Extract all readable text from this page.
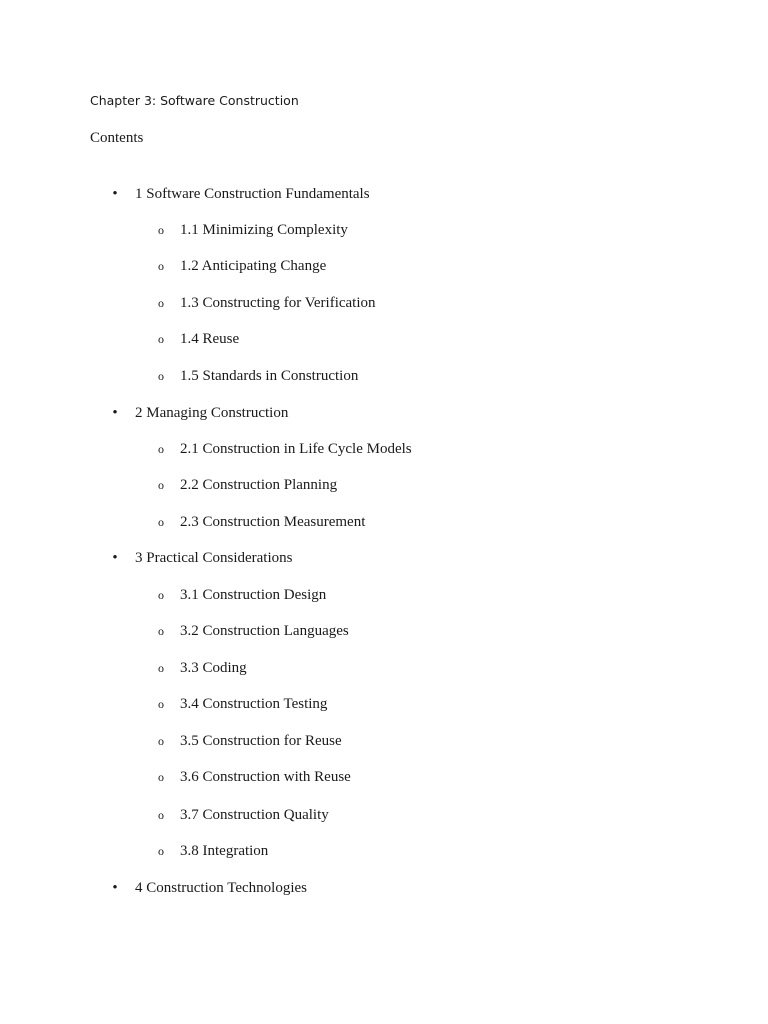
Chapter 3: Software Construction
Contents
• 1 Software Construction Fundamentals
o 1.1 Minimizing Complexity
o 1.2 Anticipating Change
o 1.3 Constructing for Verification
o 1.4 Reuse
o 1.5 Standards in Construction
• 2 Managing Construction
o 2.1 Construction in Life Cycle Models
o 2.2 Construction Planning
o 2.3 Construction Measurement
• 3 Practical Considerations
o 3.1 Construction Design
o 3.2 Construction Languages
o 3.3 Coding
o 3.4 Construction Testing
o 3.5 Construction for Reuse
o 3.6 Construction with Reuse
o 3.7 Construction Quality
o 3.8 Integration
• 4 Construction Technologies
